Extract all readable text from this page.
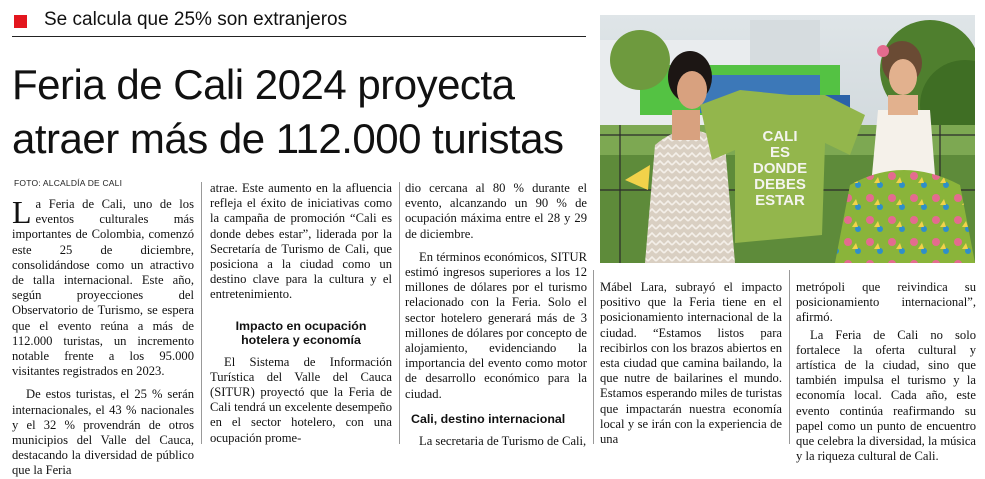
Se calcula que 25% son extranjeros
Feria de Cali 2024 proyecta
atraer más de 112.000 turistas
FOTO: ALCALDÍA DE CALI
CALI
ES
DONDE
DEBES
ESTAR

La Feria de Cali, uno de los eventos culturales más importantes de Colombia, comenzó este 25 de diciembre, consolidándose como un atractivo de talla internacional. Este año, según proyecciones del Observatorio de Turismo, se espera que el evento reúna a más de 112.000 turistas, un incremento notable frente a los 95.000 visitantes registrados en 2023.

De estos turistas, el 25 % serán internacionales, el 43 % nacionales y el 32 % provendrán de otros municipios del Valle del Cauca, destacando la diversidad de público que la Feria

atrae. Este aumento en la afluencia refleja el éxito de iniciativas como la campaña de promoción “Cali es donde debes estar”, liderada por la Secretaría de Turismo de Cali, que posiciona a la ciudad como un destino clave para la cultura y el entretenimiento.

Impacto en ocupación hotelera y economía

El Sistema de Información Turística del Valle del Cauca (SITUR) proyectó que la Feria de Cali tendrá un excelente desempeño en el sector hotelero, con una ocupación prome-

dio cercana al 80 % durante el evento, alcanzando un 90 % de ocupación máxima entre el 28 y 29 de diciembre.

En términos económicos, SITUR estimó ingresos superiores a los 12 millones de dólares por el turismo relacionado con la Feria. Solo el sector hotelero generará más de 3 millones de dólares por concepto de alojamiento, evidenciando la importancia del evento como motor de desarrollo económico para la ciudad.

Cali, destino internacional

La secretaria de Turismo de Cali,

Mábel Lara, subrayó el impacto positivo que la Feria tiene en el posicionamiento internacional de la ciudad. “Estamos listos para recibirlos con los brazos abiertos en esta ciudad que camina bailando, la que nutre de bailarines el mundo. Estamos esperando miles de turistas que impactarán nuestra economía local y se irán con la experiencia de una

metrópoli que reivindica su posicionamiento internacional”, afirmó.

La Feria de Cali no solo fortalece la oferta cultural y artística de la ciudad, sino que también impulsa el turismo y la economía local. Cada año, este evento continúa reafirmando su papel como un punto de encuentro que celebra la diversidad, la música y la riqueza cultural de Cali.
